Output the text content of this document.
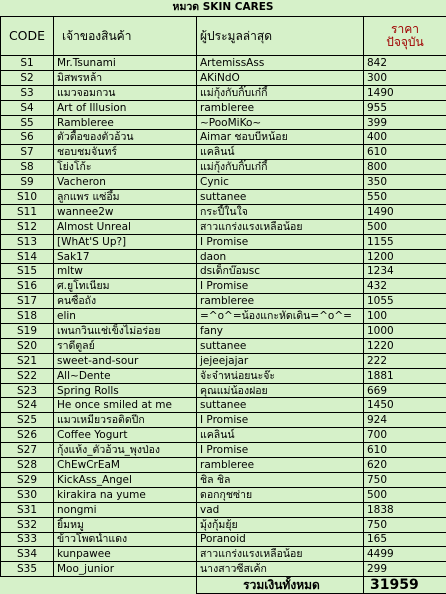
หมวด SKIN CARES
CODE	เจ้าของสินค้า	ผู้ประมูลล่าสุด	ราคา
ปัจจุบัน
S1	Mr.Tsunami	ArtemissAss	842
S2	มิสพรหล้า	AKiNdO	300
S3	แมวจอมกวน	แม่กุ้งกับกิ๊บเก๋กี้	1490
S4	Art of Illusion	rambleree	955
S5	Rambleree	~PooMiKo~	399
S6	ตัวตื้อของตัวอ้วน	Aimar ชอบบีหน้อย	400
S7	ชอบชมจันทร์	แคลินน์	610
S8	โย่งโก้ะ	แม่กุ้งกับกิ๊บเก๋กี้	800
S9	Vacheron	Cynic	350
S10	ลูกแพร แซ่อึ้ม	suttanee	550
S11	wannee2w	กระปี้ในใจ	1490
S12	Almost Unreal	สาวแกร่งแรงเหลือน้อย	500
S13	[WhAt'S Up?]	I Promise	1155
S14	Sak17	daon	1200
S15	mltw	dsเด็กบ๊อมsc	1234
S16	ศ.ยูโทเนียม	I Promise	432
S17	คนซื่อถัง	rambleree	1055
S18	elin	=^o^=น้องแกะหัดเดิน=^o^=	100
S19	เพนกวินแช่เข็งไม่อร่อย	fany	1000
S20	ราดีตูลย์	suttanee	1220
S21	sweet-and-sour	jejeejajar	222
S22	All~Dente	จัะจ๋าหน่อยนะจ๊ะ	1881
S23	Spring Rolls	คุณแม่น้องฝอย	669
S24	He once smiled at me	suttanee	1450
S25	แมวเหมียวรอติดปีก	I Promise	924
S26	Coffee Yogurt	แคลินน์	700
S27	กุ้งแห้ง_ตัวอ้วน_พุงป่อง	I Promise	610
S28	ChEwCrEaM	rambleree	620
S29	KickAss_Angel	ชิล ชิล	750
S30	kirakira na yume	ดอกกุชซ่าย	500
S31	nongmi	vad	1838
S32	ยิ้มหมู	มุ้งกุ้มยุ้ย	750
S33	ข้าวโพดน้ำแดง	Poranoid	165
S34	kunpawee	สาวแกร่งแรงเหลือน้อย	4499
S35	Moo_junior	นางสาวซีสเค้ก	299
		รวมเงินทั้งหมด	31959
